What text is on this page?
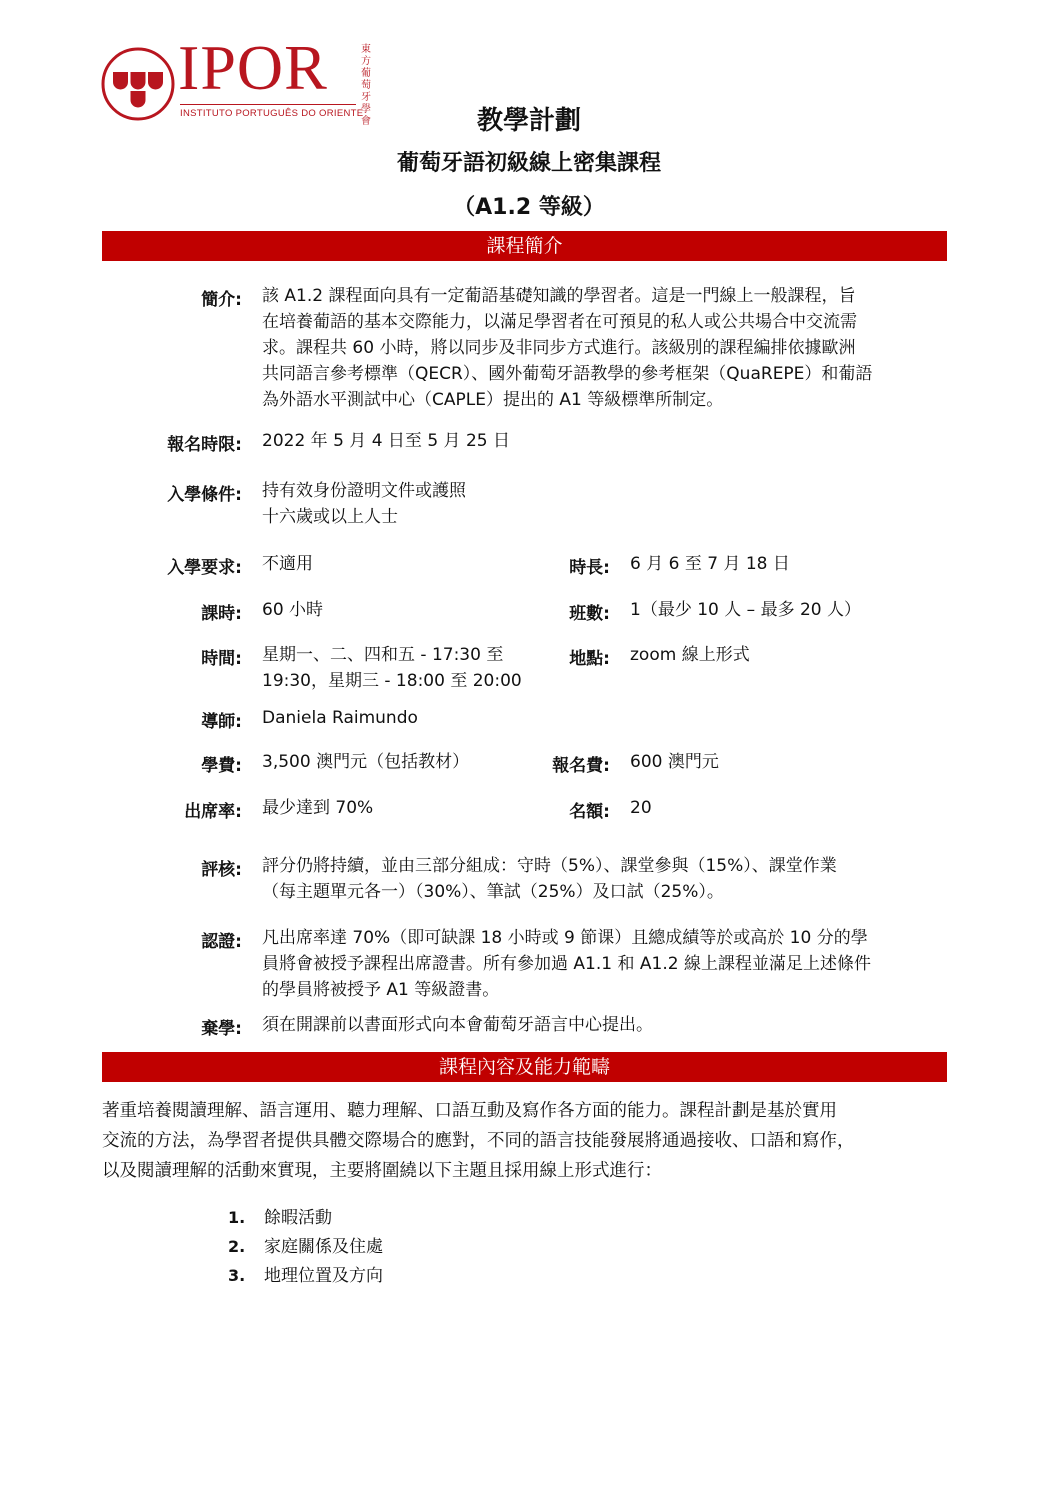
IPOR
INSTITUTO PORTUGUÊS DO ORIENTE
東方葡萄牙學會	教學計劃
葡萄牙語初級線上密集課程
（A1.2 等級）
課程簡介
簡介: 該 A1.2 課程面向具有一定葡語基礎知識的學習者。這是一門線上一般課程，旨
在培養葡語的基本交際能力，以滿足學習者在可預見的私人或公共場合中交流需
求。課程共 60 小時，將以同步及非同步方式進行。該級別的課程編排依據歐洲
共同語言參考標準（QECR）、國外葡萄牙語教學的參考框架（QuaREPE）和葡語
為外語水平測試中心（CAPLE）提出的 A1 等級標準所制定。
報名時限: 2022 年 5 月 4 日至 5 月 25 日
入學條件: 持有效身份證明文件或護照
十六歲或以上人士
入學要求: 不適用	時長: 6 月 6 至 7 月 18 日
課時: 60 小時	班數: 1（最少 10 人 – 最多 20 人）
時間: 星期一、二、四和五 - 17:30 至
19:30，星期三 - 18:00 至 20:00
地點: zoom 線上形式
導師: Daniela Raimundo
學費: 3,500 澳門元（包括教材）	報名費: 600 澳門元
出席率: 最少達到 70%	名額: 20
評核: 評分仍將持續，並由三部分組成：守時（5%）、課堂參與（15%）、課堂作業
（每主題單元各一）（30%）、筆試（25%）及口試（25%）。
認證: 凡出席率達 70%（即可缺課 18 小時或 9 節课）且總成績等於或高於 10 分的學
員將會被授予課程出席證書。所有參加過 A1.1 和 A1.2 線上課程並滿足上述條件
的學員將被授予 A1 等級證書。
棄學: 須在開課前以書面形式向本會葡萄牙語言中心提出。
課程內容及能力範疇
著重培養閱讀理解、語言運用、聽力理解、口語互動及寫作各方面的能力。課程計劃是基於實用
交流的方法，為學習者提供具體交際場合的應對，不同的語言技能發展將通過接收、口語和寫作，
以及閱讀理解的活動來實現，主要將圍繞以下主題且採用線上形式進行：
1. 餘暇活動
2. 家庭關係及住處
3. 地理位置及方向
